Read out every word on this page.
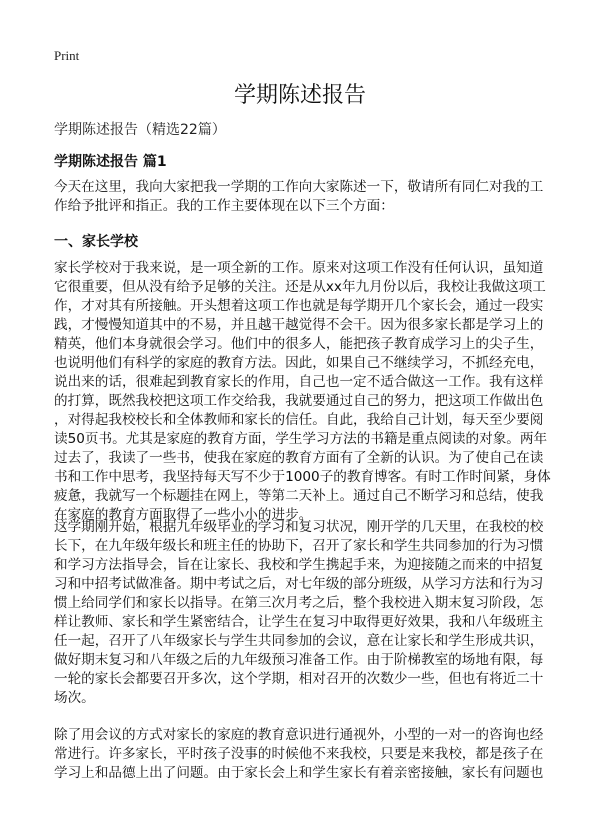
Print
学期陈述报告
学期陈述报告（精选22篇）
学期陈述报告 篇1
今天在这里，我向大家把我一学期的工作向大家陈述一下，敬请所有同仁对我的工
作给予批评和指正。我的工作主要体现在以下三个方面：
一、家长学校
家长学校对于我来说，是一项全新的工作。原来对这项工作没有任何认识，虽知道
它很重要，但从没有给予足够的关注。还是从xx年九月份以后，我校让我做这项工
作，才对其有所接触。开头想着这项工作也就是每学期开几个家长会，通过一段实
践，才慢慢知道其中的不易，并且越干越觉得不会干。因为很多家长都是学习上的
精英，他们本身就很会学习。他们中的很多人，能把孩子教育成学习上的尖子生，
也说明他们有科学的家庭的教育方法。因此，如果自己不继续学习，不抓经充电，
说出来的话，很难起到教育家长的作用，自己也一定不适合做这一工作。我有这样
的打算，既然我校把这项工作交给我，我就要通过自己的努力，把这项工作做出色
，对得起我校校长和全体教师和家长的信任。自此，我给自己计划，每天至少要阅
读50页书。尤其是家庭的教育方面，学生学习方法的书籍是重点阅读的对象。两年
过去了，我读了一些书，使我在家庭的教育方面有了全新的认识。为了使自己在读
书和工作中思考，我坚持每天写不少于1000子的教育博客。有时工作时间紧，身体
疲惫，我就写一个标题挂在网上，等第二天补上。通过自己不断学习和总结，使我
在家庭的教育方面取得了一些小小的进步。
这学期刚开始，根据九年级毕业的学习和复习状况，刚开学的几天里，在我校的校
长下，在九年级年级长和班主任的协助下，召开了家长和学生共同参加的行为习惯
和学习方法指导会，旨在让家长、我校和学生携起手来，为迎接随之而来的中招复
习和中招考试做准备。期中考试之后，对七年级的部分班级，从学习方法和行为习
惯上给同学们和家长以指导。在第三次月考之后，整个我校进入期末复习阶段，怎
样让教师、家长和学生紧密结合，让学生在复习中取得更好效果，我和八年级班主
任一起，召开了八年级家长与学生共同参加的会议，意在让家长和学生形成共识，
做好期末复习和八年级之后的九年级预习准备工作。由于阶梯教室的场地有限，每
一轮的家长会都要召开多次，这个学期，相对召开的次数少一些，但也有将近二十
场次。
除了用会议的方式对家长的家庭的教育意识进行通视外，小型的一对一的咨询也经
常进行。许多家长，平时孩子没事的时候他不来我校，只要是来我校，都是孩子在
学习上和品德上出了问题。由于家长会上和学生家长有着亲密接触，家长有问题也
